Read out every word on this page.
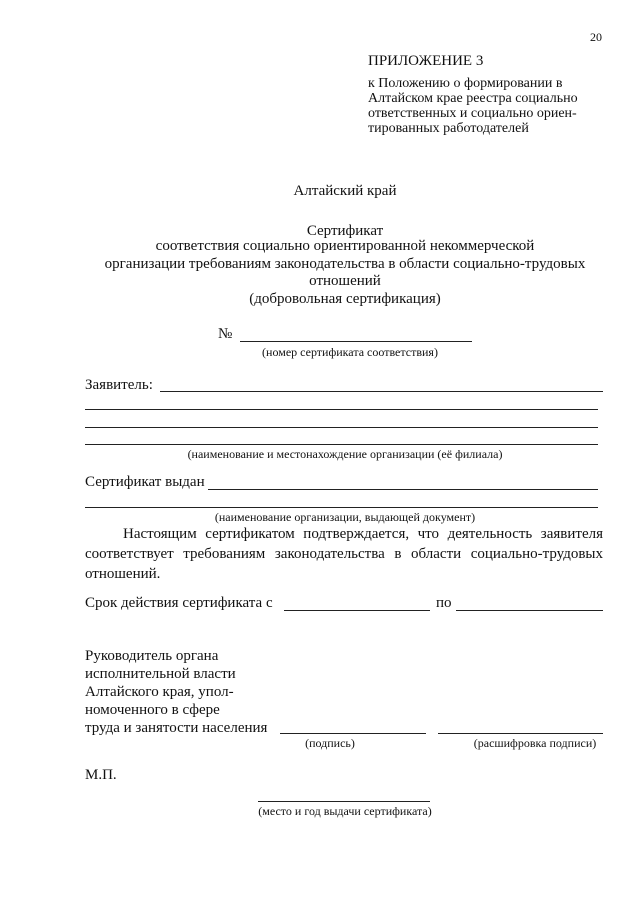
20
ПРИЛОЖЕНИЕ 3
к Положению о формировании в
Алтайском крае реестра социально
ответственных и социально ориен-
тированных работодателей
Алтайский край
Сертификат
соответствия социально ориентированной некоммерческой
организации требованиям законодательства в области социально-трудовых
отношений
(добровольная сертификация)
№
(номер сертификата соответствия)
Заявитель:
(наименование и местонахождение организации (её филиала)
Сертификат выдан
(наименование организации, выдающей документ)
Настоящим сертификатом подтверждается, что деятельность заявителя соответствует требованиям законодательства в области социально-трудовых отношений.
Срок действия сертификата с	по
Руководитель органа
исполнительной власти
Алтайского края, упол-
номоченного в сфере
труда и занятости населения
(подпись)	(расшифровка подписи)
М.П.
(место и год выдачи сертификата)
